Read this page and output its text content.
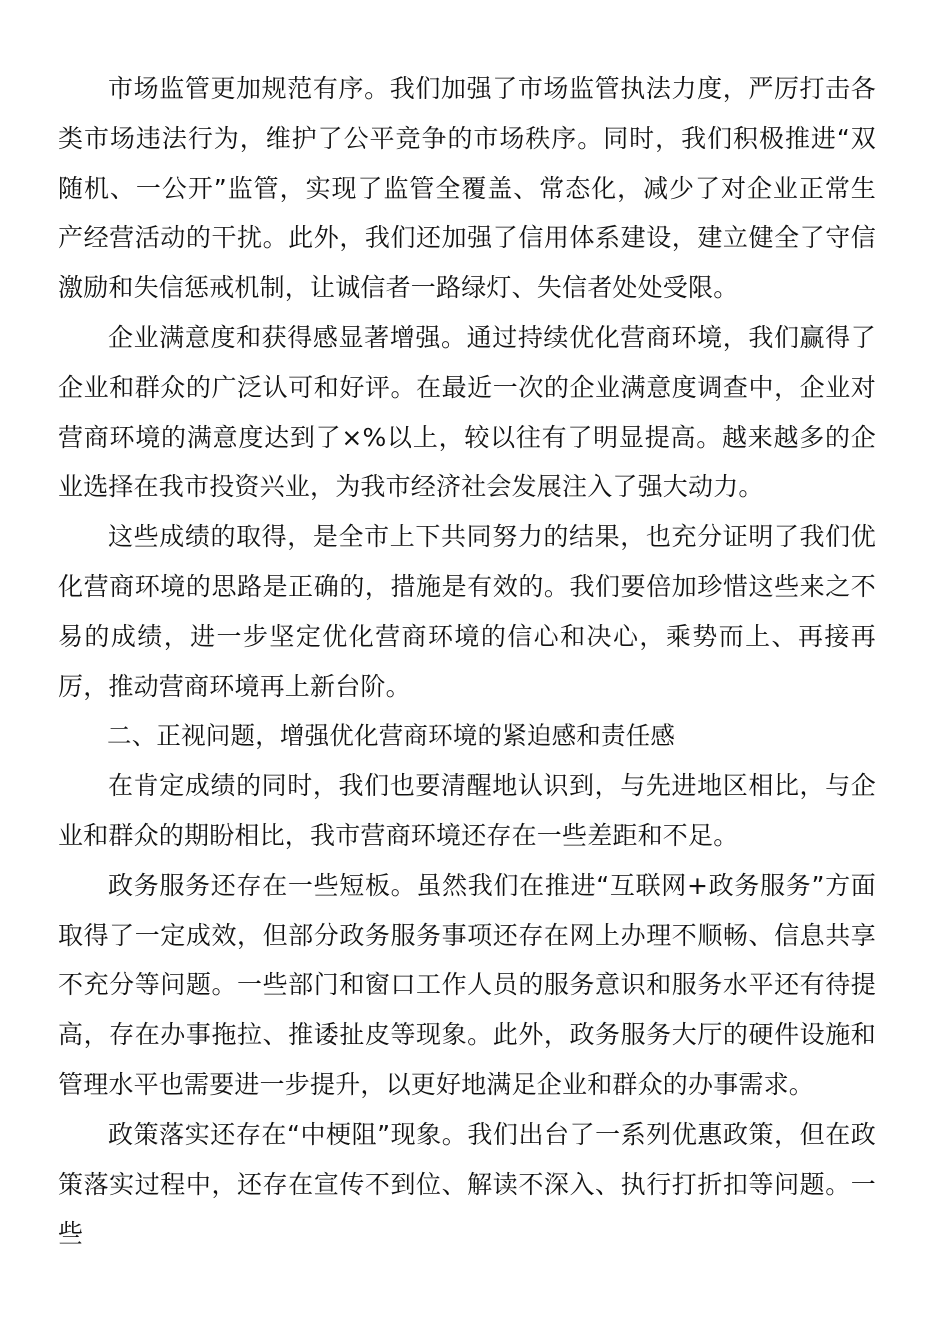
市场监管更加规范有序。我们加强了市场监管执法力度，严厉打击各类市场违法行为，维护了公平竞争的市场秩序。同时，我们积极推进“双随机、一公开”监管，实现了监管全覆盖、常态化，减少了对企业正常生产经营活动的干扰。此外，我们还加强了信用体系建设，建立健全了守信激励和失信惩戒机制，让诚信者一路绿灯、失信者处处受限。

企业满意度和获得感显著增强。通过持续优化营商环境，我们赢得了企业和群众的广泛认可和好评。在最近一次的企业满意度调查中，企业对营商环境的满意度达到了×%以上，较以往有了明显提高。越来越多的企业选择在我市投资兴业，为我市经济社会发展注入了强大动力。

这些成绩的取得，是全市上下共同努力的结果，也充分证明了我们优化营商环境的思路是正确的，措施是有效的。我们要倍加珍惜这些来之不易的成绩，进一步坚定优化营商环境的信心和决心，乘势而上、再接再厉，推动营商环境再上新台阶。

二、正视问题，增强优化营商环境的紧迫感和责任感

在肯定成绩的同时，我们也要清醒地认识到，与先进地区相比，与企业和群众的期盼相比，我市营商环境还存在一些差距和不足。

政务服务还存在一些短板。虽然我们在推进“互联网+政务服务”方面取得了一定成效，但部分政务服务事项还存在网上办理不顺畅、信息共享不充分等问题。一些部门和窗口工作人员的服务意识和服务水平还有待提高，存在办事拖拉、推诿扯皮等现象。此外，政务服务大厅的硬件设施和管理水平也需要进一步提升，以更好地满足企业和群众的办事需求。

政策落实还存在“中梗阻”现象。我们出台了一系列优惠政策，但在政策落实过程中，还存在宣传不到位、解读不深入、执行打折扣等问题。一些
